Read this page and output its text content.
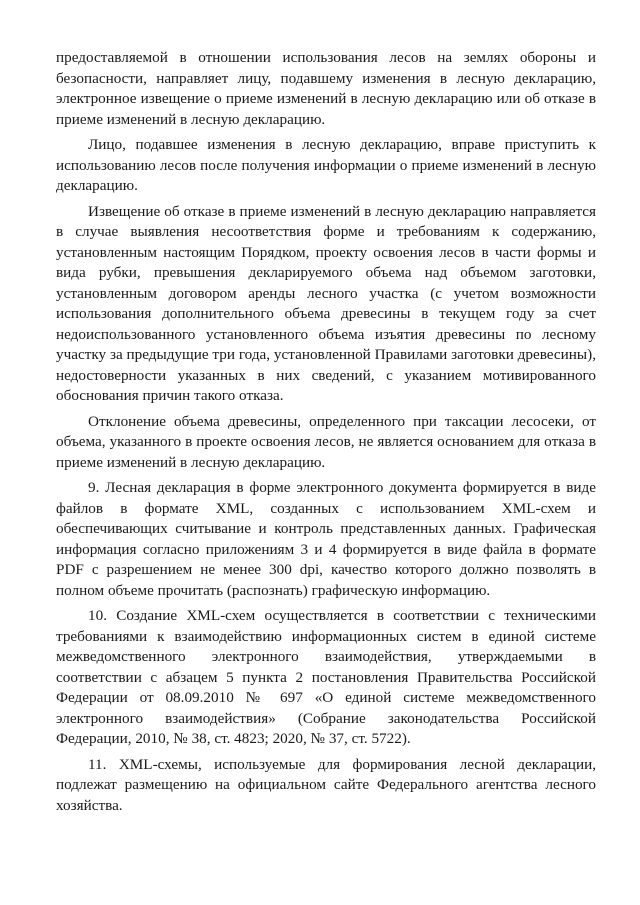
предоставляемой в отношении использования лесов на землях обороны и безопасности, направляет лицу, подавшему изменения в лесную декларацию, электронное извещение о приеме изменений в лесную декларацию или об отказе в приеме изменений в лесную декларацию.

Лицо, подавшее изменения в лесную декларацию, вправе приступить к использованию лесов после получения информации о приеме изменений в лесную декларацию.

Извещение об отказе в приеме изменений в лесную декларацию направляется в случае выявления несоответствия форме и требованиям к содержанию, установленным настоящим Порядком, проекту освоения лесов в части формы и вида рубки, превышения декларируемого объема над объемом заготовки, установленным договором аренды лесного участка (с учетом возможности использования дополнительного объема древесины в текущем году за счет недоиспользованного установленного объема изъятия древесины по лесному участку за предыдущие три года, установленной Правилами заготовки древесины), недостоверности указанных в них сведений, с указанием мотивированного обоснования причин такого отказа.

Отклонение объема древесины, определенного при таксации лесосеки, от объема, указанного в проекте освоения лесов, не является основанием для отказа в приеме изменений в лесную декларацию.

9. Лесная декларация в форме электронного документа формируется в виде файлов в формате XML, созданных с использованием XML-схем и обеспечивающих считывание и контроль представленных данных. Графическая информация согласно приложениям 3 и 4 формируется в виде файла в формате PDF с разрешением не менее 300 dpi, качество которого должно позволять в полном объеме прочитать (распознать) графическую информацию.

10. Создание XML-схем осуществляется в соответствии с техническими требованиями к взаимодействию информационных систем в единой системе межведомственного электронного взаимодействия, утверждаемыми в соответствии с абзацем 5 пункта 2 постановления Правительства Российской Федерации от 08.09.2010 № 697 «О единой системе межведомственного электронного взаимодействия» (Собрание законодательства Российской Федерации, 2010, № 38, ст. 4823; 2020, № 37, ст. 5722).

11. XML-схемы, используемые для формирования лесной декларации, подлежат размещению на официальном сайте Федерального агентства лесного хозяйства.
